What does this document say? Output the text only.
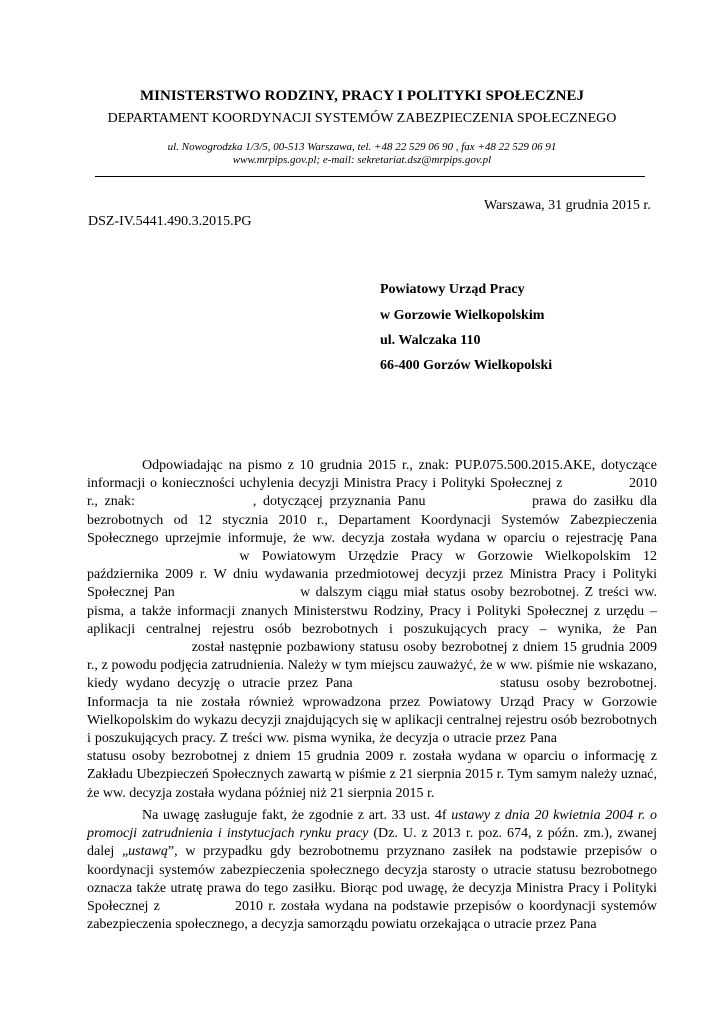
MINISTERSTWO RODZINY, PRACY I POLITYKI SPOŁECZNEJ
DEPARTAMENT KOORDYNACJI SYSTEMÓW ZABEZPIECZENIA SPOŁECZNEGO
ul. Nowogrodzka 1/3/5, 00-513 Warszawa, tel. +48 22 529 06 90 , fax +48 22 529 06 91
www.mrpips.gov.pl; e-mail: sekretariat.dsz@mrpips.gov.pl
Warszawa, 31 grudnia 2015 r.
DSZ-IV.5441.490.3.2015.PG
Powiatowy Urząd Pracy
w Gorzowie Wielkopolskim
ul. Walczaka 110
66-400 Gorzów Wielkopolski
Odpowiadając na pismo z 10 grudnia 2015 r., znak: PUP.075.500.2015.AKE, dotyczące informacji o konieczności uchylenia decyzji Ministra Pracy i Polityki Społecznej z	2010 r., znak:	, dotyczącej przyznania Panu	prawa do zasiłku dla bezrobotnych od 12 stycznia 2010 r., Departament Koordynacji Systemów Zabezpieczenia Społecznego uprzejmie informuje, że ww. decyzja została wydana w oparciu o rejestrację Pana w Powiatowym Urzędzie Pracy w Gorzowie Wielkopolskim 12 października 2009 r. W dniu wydawania przedmiotowej decyzji przez Ministra Pracy i Polityki Społecznej Pan	w dalszym ciągu miał status osoby bezrobotnej. Z treści ww. pisma, a także informacji znanych Ministerstwu Rodziny, Pracy i Polityki Społecznej z urzędu – aplikacji centralnej rejestru osób bezrobotnych i poszukujących pracy – wynika, że Pan został następnie pozbawiony statusu osoby bezrobotnej z dniem 15 grudnia 2009 r., z powodu podjęcia zatrudnienia. Należy w tym miejscu zauważyć, że w ww. piśmie nie wskazano, kiedy wydano decyzję o utracie przez Pana	statusu osoby bezrobotnej. Informacja ta nie została również wprowadzona przez Powiatowy Urząd Pracy w Gorzowie Wielkopolskim do wykazu decyzji znajdujących się w aplikacji centralnej rejestru osób bezrobotnych i poszukujących pracy. Z treści ww. pisma wynika, że decyzja o utracie przez Pana statusu osoby bezrobotnej z dniem 15 grudnia 2009 r. została wydana w oparciu o informację z Zakładu Ubezpieczeń Społecznych zawartą w piśmie z 21 sierpnia 2015 r. Tym samym należy uznać, że ww. decyzja została wydana później niż 21 sierpnia 2015 r.
Na uwagę zasługuje fakt, że zgodnie z art. 33 ust. 4f ustawy z dnia 20 kwietnia 2004 r. o promocji zatrudnienia i instytucjach rynku pracy (Dz. U. z 2013 r. poz. 674, z późn. zm.), zwanej dalej „ustawą”, w przypadku gdy bezrobotnemu przyznano zasiłek na podstawie przepisów o koordynacji systemów zabezpieczenia społecznego decyzja starosty o utracie statusu bezrobotnego oznacza także utratę prawa do tego zasiłku. Biorąc pod uwagę, że decyzja Ministra Pracy i Polityki Społecznej z	2010 r. została wydana na podstawie przepisów o koordynacji systemów zabezpieczenia społecznego, a decyzja samorządu powiatu orzekająca o utracie przez Pana
